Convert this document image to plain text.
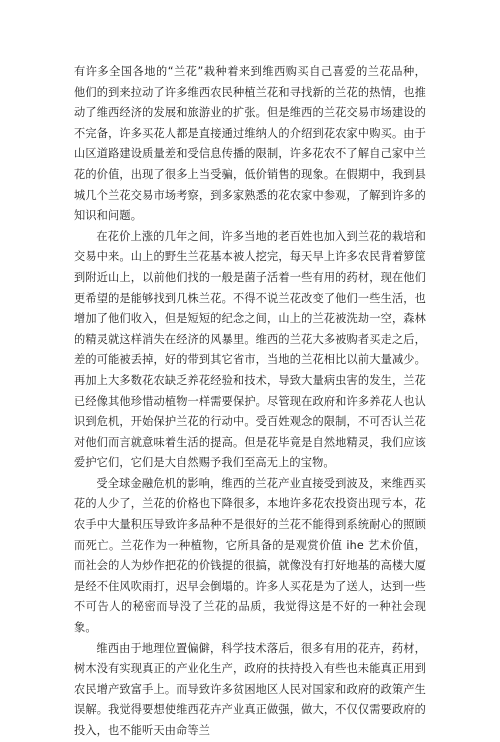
有许多全国各地的“兰花”栽种着来到维西购买自己喜爱的兰花品种，他们的到来拉动了许多维西农民种植兰花和寻找新的兰花的热情，也推动了维西经济的发展和旅游业的扩张。但是维西的兰花交易市场建设的不完备，许多买花人都是直接通过维纳人的介绍到花农家中购买。由于山区道路建设质量差和受信息传播的限制，许多花农不了解自己家中兰花的价值，出现了很多上当受骗，低价销售的现象。在假期中，我到县城几个兰花交易市场考察，到多家熟悉的花农家中参观，了解到许多的知识和问题。

在花价上涨的几年之间，许多当地的老百姓也加入到兰花的栽培和交易中来。山上的野生兰花基本被人挖完，每天早上许多农民背着箩筐到附近山上，以前他们找的一般是菌子活着一些有用的药材，现在他们更希望的是能够找到几株兰花。不得不说兰花改变了他们一些生活，也增加了他们收入，但是短短的纪念之间，山上的兰花被洗劫一空，森林的精灵就这样消失在经济的风暴里。维西的兰花大多被购者买走之后，差的可能被丢掉，好的带到其它省市，当地的兰花相比以前大量减少。再加上大多数花农缺乏养花经验和技术，导致大量病虫害的发生，兰花已经像其他珍惜动植物一样需要保护。尽管现在政府和许多养花人也认识到危机，开始保护兰花的行动中。受百姓观念的限制，不可否认兰花对他们而言就意味着生活的提高。但是花毕竟是自然地精灵，我们应该爱护它们，它们是大自然赐予我们至高无上的宝物。

受全球金融危机的影响，维西的兰花产业直接受到波及，来维西买花的人少了，兰花的价格也下降很多，本地许多花农投资出现亏本，花农手中大量积压导致许多品种不是很好的兰花不能得到系统耐心的照顾而死亡。兰花作为一种植物，它所具备的是观赏价值 ihe 艺术价值，而社会的人为炒作把花的价钱提的很搞，就像没有打好地基的高楼大厦是经不住风吹雨打，迟早会倒塌的。许多人买花是为了送人，达到一些不可告人的秘密而导没了兰花的品质，我觉得这是不好的一种社会现象。

维西由于地理位置偏僻，科学技术落后，很多有用的花卉，药材，树木没有实现真正的产业化生产，政府的扶持投入有些也未能真正用到农民增产致富手上。而导致许多贫困地区人民对国家和政府的政策产生误解。我觉得要想使维西花卉产业真正做强，做大，不仅仅需要政府的投入，也不能听天由命等兰
